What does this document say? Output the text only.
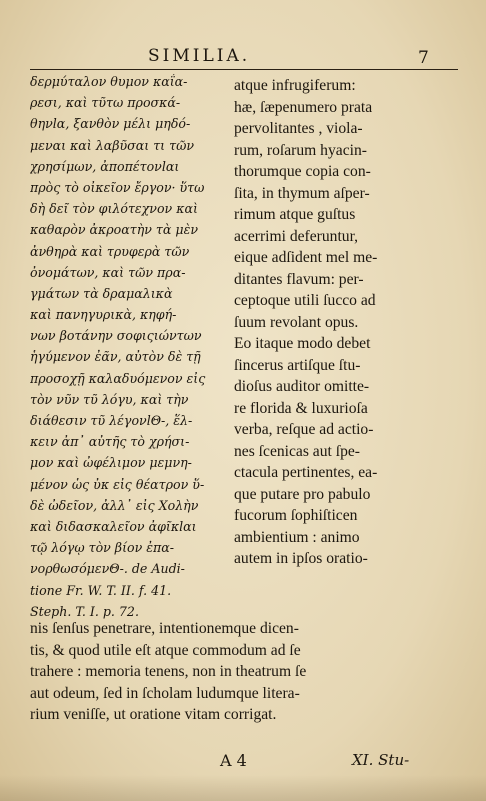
SIMILIA.	7
δερμύταλον θυμον καΐα-
ρεσι, καὶ τῦτω προσκά-
θηνlα, ξανθὸν μέλι μηδό-
μεναι καὶ λαβῦσαι τι τῶν
χρησίμων, ἀποπέτονlαι
πρὸς τὸ οἰκεῖον ἔργον· ὕτω
δὴ δεῖ τὸν φιλότεχνον καὶ
καθαρὸν ἀκροατὴν τὰ μὲν
ἀνθηρὰ καὶ τρυφερὰ τῶν
ὀνομάτων, καὶ τῶν πρα-
γμάτων τὰ δραμαλικὰ
καὶ πανηγυρικὰ, κηφή-
νων βοτάνην σοφιςιώντων
ἡγύμενον ἐᾶν, αὐτὸν δὲ τῇ
προσοχῇ καλαδυόμενον εἰς
τὸν νῦν τῦ λόγυ, καὶ τὴν
διάθεσιν τῦ λέγονlΘ-, ἕλ-
κειν ἀπ᾽ αὐτῆς τὸ χρήσι-
μον καὶ ὠφέλιμον μεμνη-
μένον ὡς ὐκ εἰς θέατρον ὕ-
δὲ ὠδεῖον, ἀλλ᾽ εἰς Χολὴν
καὶ διδασκαλεῖον ἀφῖκlαι
τῷ λόγῳ τὸν βίον ἐπα-
νορθωσόμενΘ-. de Audi-
tione Fr. W. T. II. f. 41.
Steph. T. I. p. 72.
atque infrugiferum:
hæ, ſæpenumero prata
pervolitantes , viola-
rum, roſarum hyacin-
thorumque copia con-
ſita, in thymum aſper-
rimum atque guſtus
acerrimi deferuntur,
eique adſident mel me-
ditantes flavum: per-
ceptoque utili ſucco ad
ſuum revolant opus.
Eo itaque modo debet
ſincerus artiſque ſtu-
dioſus auditor omitte-
re florida & luxurioſa
verba, reſque ad actio-
nes ſcenicas aut ſpe-
ctacula pertinentes, ea-
que putare pro pabulo
fucorum ſophiſticen
ambientium : animo
autem in ipſos oratio-
nis ſenſus penetrare, intentionemque dicen-
tis, & quod utile eſt atque commodum ad ſe
trahere : memoria tenens, non in theatrum ſe
aut odeum, ſed in ſcholam ludumque litera-
rium veniſſe, ut oratione vitam corrigat.
A 4	XI. Stu-
